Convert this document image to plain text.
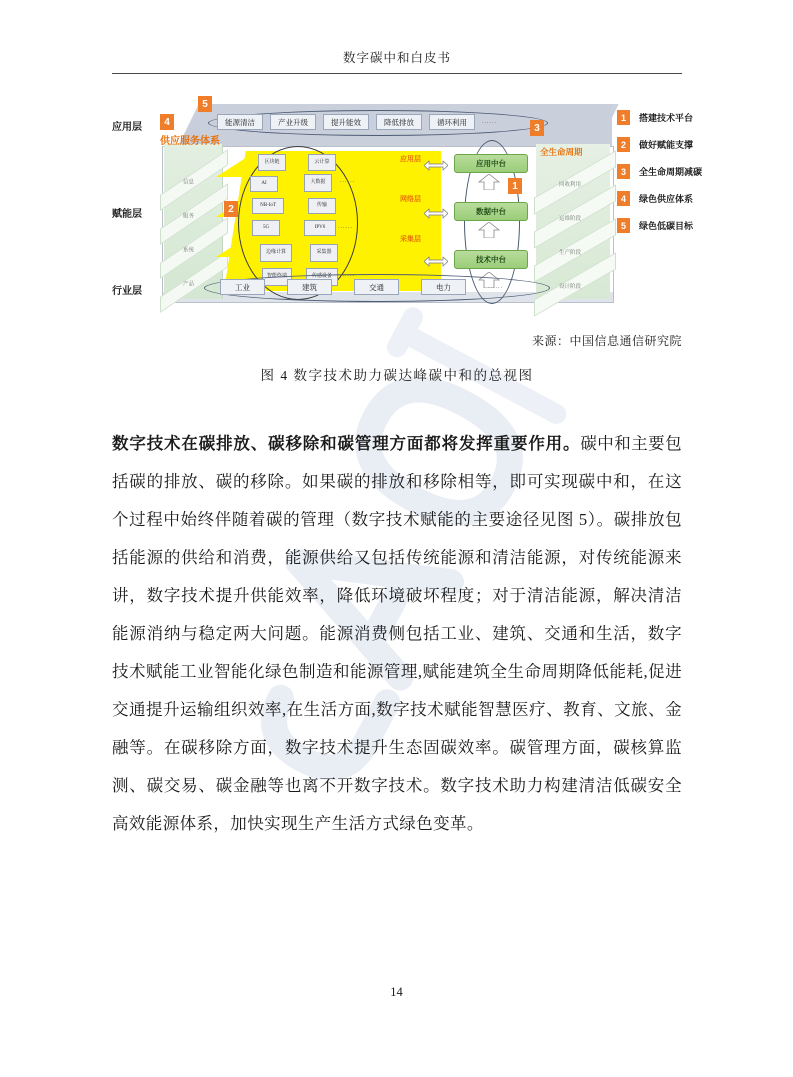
数字碳中和白皮书
信息
服务
系统
产品
应用层
网络层
采集层
区块链	云计算
AI	大数据
NB-IoT	传输
5G	IPV6
边缘计算	采集器
智能终端	传感设备
......
......
......
应用中台
数据中台
技术中台
回收利用
运维阶段
生产阶段
设计阶段
全生命周期
供应服务体系
1
2
3
4
5
能源清洁	产业升级	提升能效	降低排放	循环利用	......
工业	建筑	交通	电力	......
应用层
赋能层
行业层
1	搭建技术平台
2	做好赋能支撑
3	全生命周期减碳
4	绿色供应体系
5	绿色低碳目标
来源：中国信息通信研究院
图 4 数字技术助力碳达峰碳中和的总视图
数字技术在碳排放、碳移除和碳管理方面都将发挥重要作用。碳中和主要包括碳的排放、碳的移除。如果碳的排放和移除相等，即可实现碳中和，在这个过程中始终伴随着碳的管理（数字技术赋能的主要途径见图 5）。碳排放包括能源的供给和消费，能源供给又包括传统能源和清洁能源，对传统能源来讲，数字技术提升供能效率，降低环境破坏程度；对于清洁能源，解决清洁能源消纳与稳定两大问题。能源消费侧包括工业、建筑、交通和生活，数字技术赋能工业智能化绿色制造和能源管理,赋能建筑全生命周期降低能耗,促进交通提升运输组织效率,在生活方面,数字技术赋能智慧医疗、教育、文旅、金融等。在碳移除方面，数字技术提升生态固碳效率。碳管理方面，碳核算监测、碳交易、碳金融等也离不开数字技术。数字技术助力构建清洁低碳安全高效能源体系，加快实现生产生活方式绿色变革。
14
